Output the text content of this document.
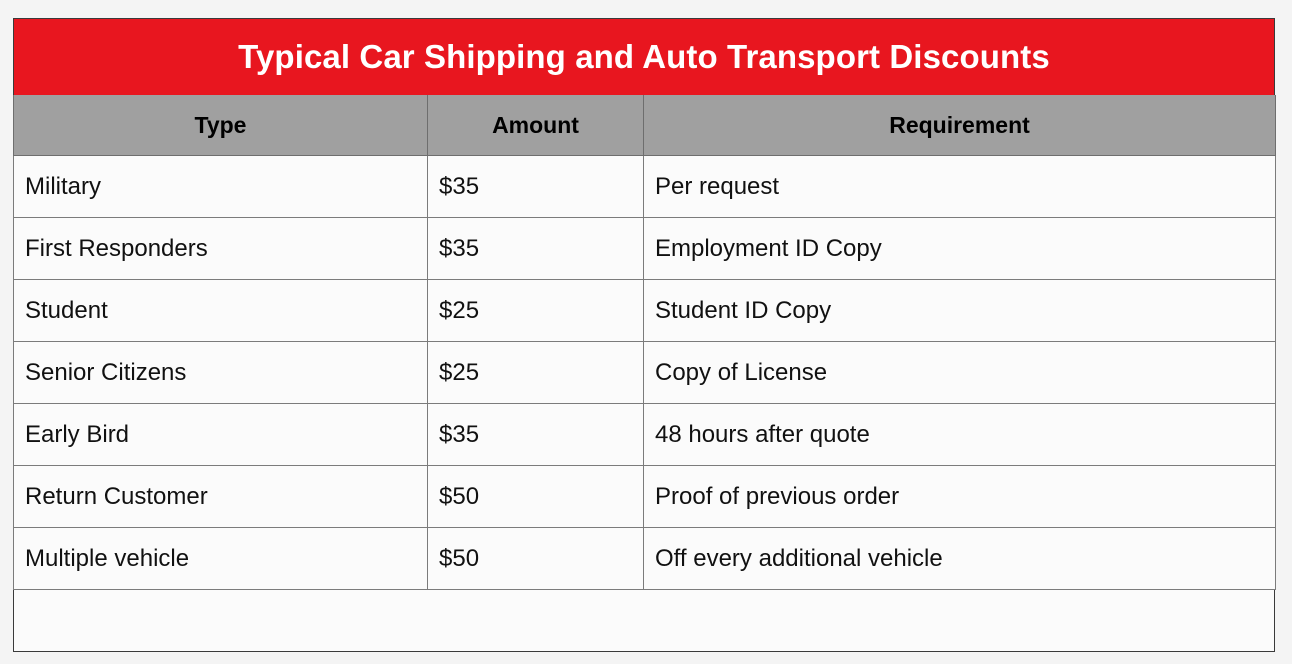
Typical Car Shipping and Auto Transport Discounts
Type	Amount	Requirement
Military	$35	Per request
First Responders	$35	Employment ID Copy
Student	$25	Student ID Copy
Senior Citizens	$25	Copy of License
Early Bird	$35	48 hours after quote
Return Customer	$50	Proof of previous order
Multiple vehicle	$50	Off every additional vehicle
